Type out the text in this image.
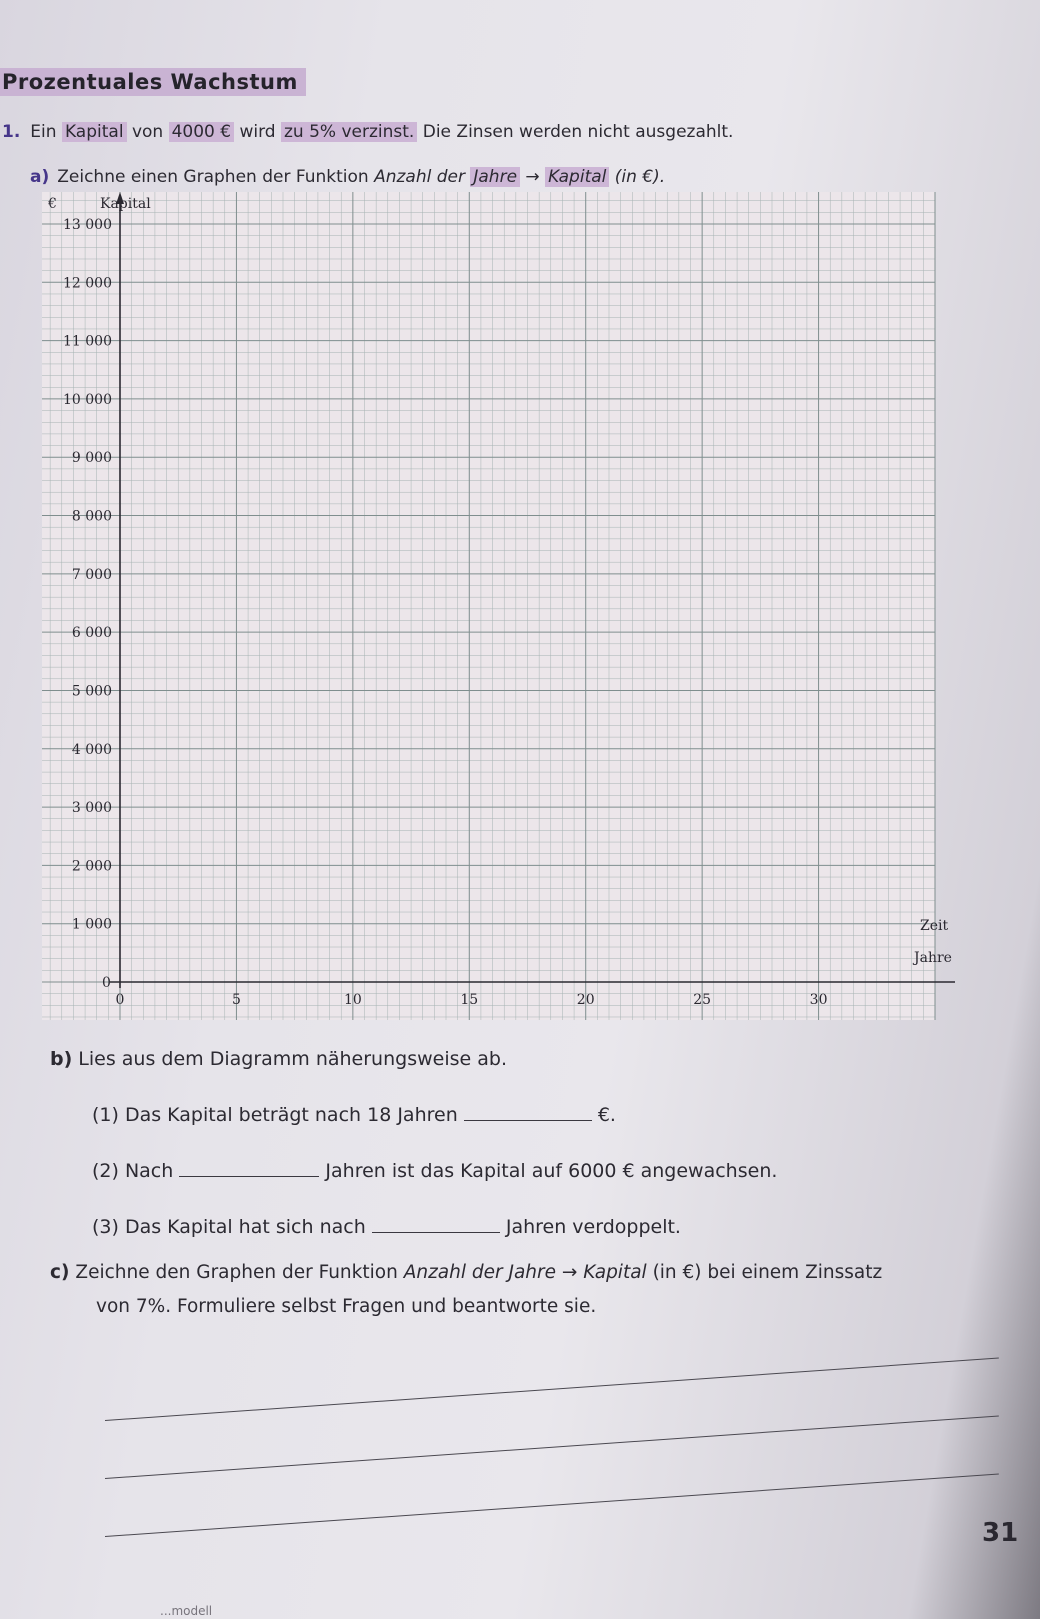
Prozentuales Wachstum
1. Ein Kapital von 4000 € wird zu 5% verzinst. Die Zinsen werden nicht ausgezahlt.
a) Zeichne einen Graphen der Funktion Anzahl der Jahre → Kapital (in €).
1 000
2 000
3 000
4 000
5 000
6 000
7 000
8 000
9 000
10 000
11 000
12 000
13 000
0
0	5	10	15	20	25	30
€	Kapital
Zeit
Jahre
b) Lies aus dem Diagramm näherungsweise ab.
(1) Das Kapital beträgt nach 18 Jahren	€.
(2) Nach	Jahren ist das Kapital auf 6000 € angewachsen.
(3) Das Kapital hat sich nach	Jahren verdoppelt.
c) Zeichne den Graphen der Funktion Anzahl der Jahre → Kapital (in €) bei einem Zinssatz
von 7%. Formuliere selbst Fragen und beantworte sie.
31
...modell
